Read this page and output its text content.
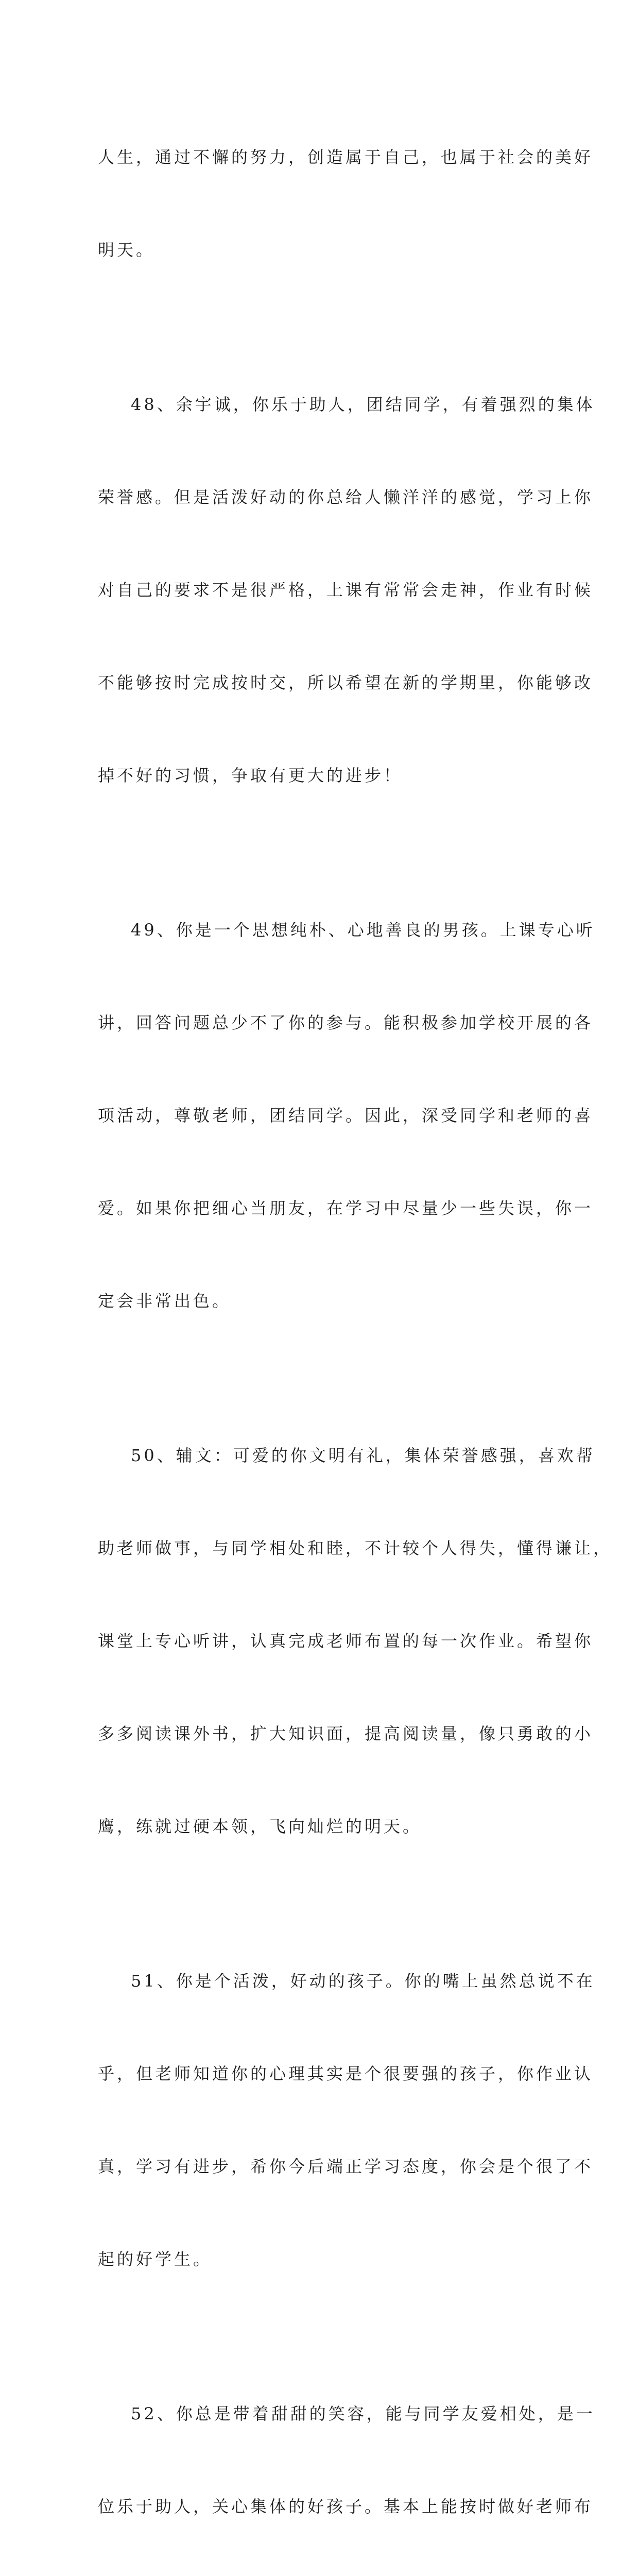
人生，通过不懈的努力，创造属于自己，也属于社会的美好

明天。

48、余宇诚，你乐于助人，团结同学，有着强烈的集体

荣誉感。但是活泼好动的你总给人懒洋洋的感觉，学习上你

对自己的要求不是很严格，上课有常常会走神，作业有时候

不能够按时完成按时交，所以希望在新的学期里，你能够改

掉不好的习惯，争取有更大的进步！

49、你是一个思想纯朴、心地善良的男孩。上课专心听

讲，回答问题总少不了你的参与。能积极参加学校开展的各

项活动，尊敬老师，团结同学。因此，深受同学和老师的喜

爱。如果你把细心当朋友，在学习中尽量少一些失误，你一

定会非常出色。

50、辅文：可爱的你文明有礼，集体荣誉感强，喜欢帮

助老师做事，与同学相处和睦，不计较个人得失，懂得谦让，

课堂上专心听讲，认真完成老师布置的每一次作业。希望你

多多阅读课外书，扩大知识面，提高阅读量，像只勇敢的小

鹰，练就过硬本领，飞向灿烂的明天。

51、你是个活泼，好动的孩子。你的嘴上虽然总说不在

乎，但老师知道你的心理其实是个很要强的孩子，你作业认

真，学习有进步，希你今后端正学习态度，你会是个很了不

起的好学生。

52、你总是带着甜甜的笑容，能与同学友爱相处，是一

位乐于助人，关心集体的好孩子。基本上能按时做好老师布
